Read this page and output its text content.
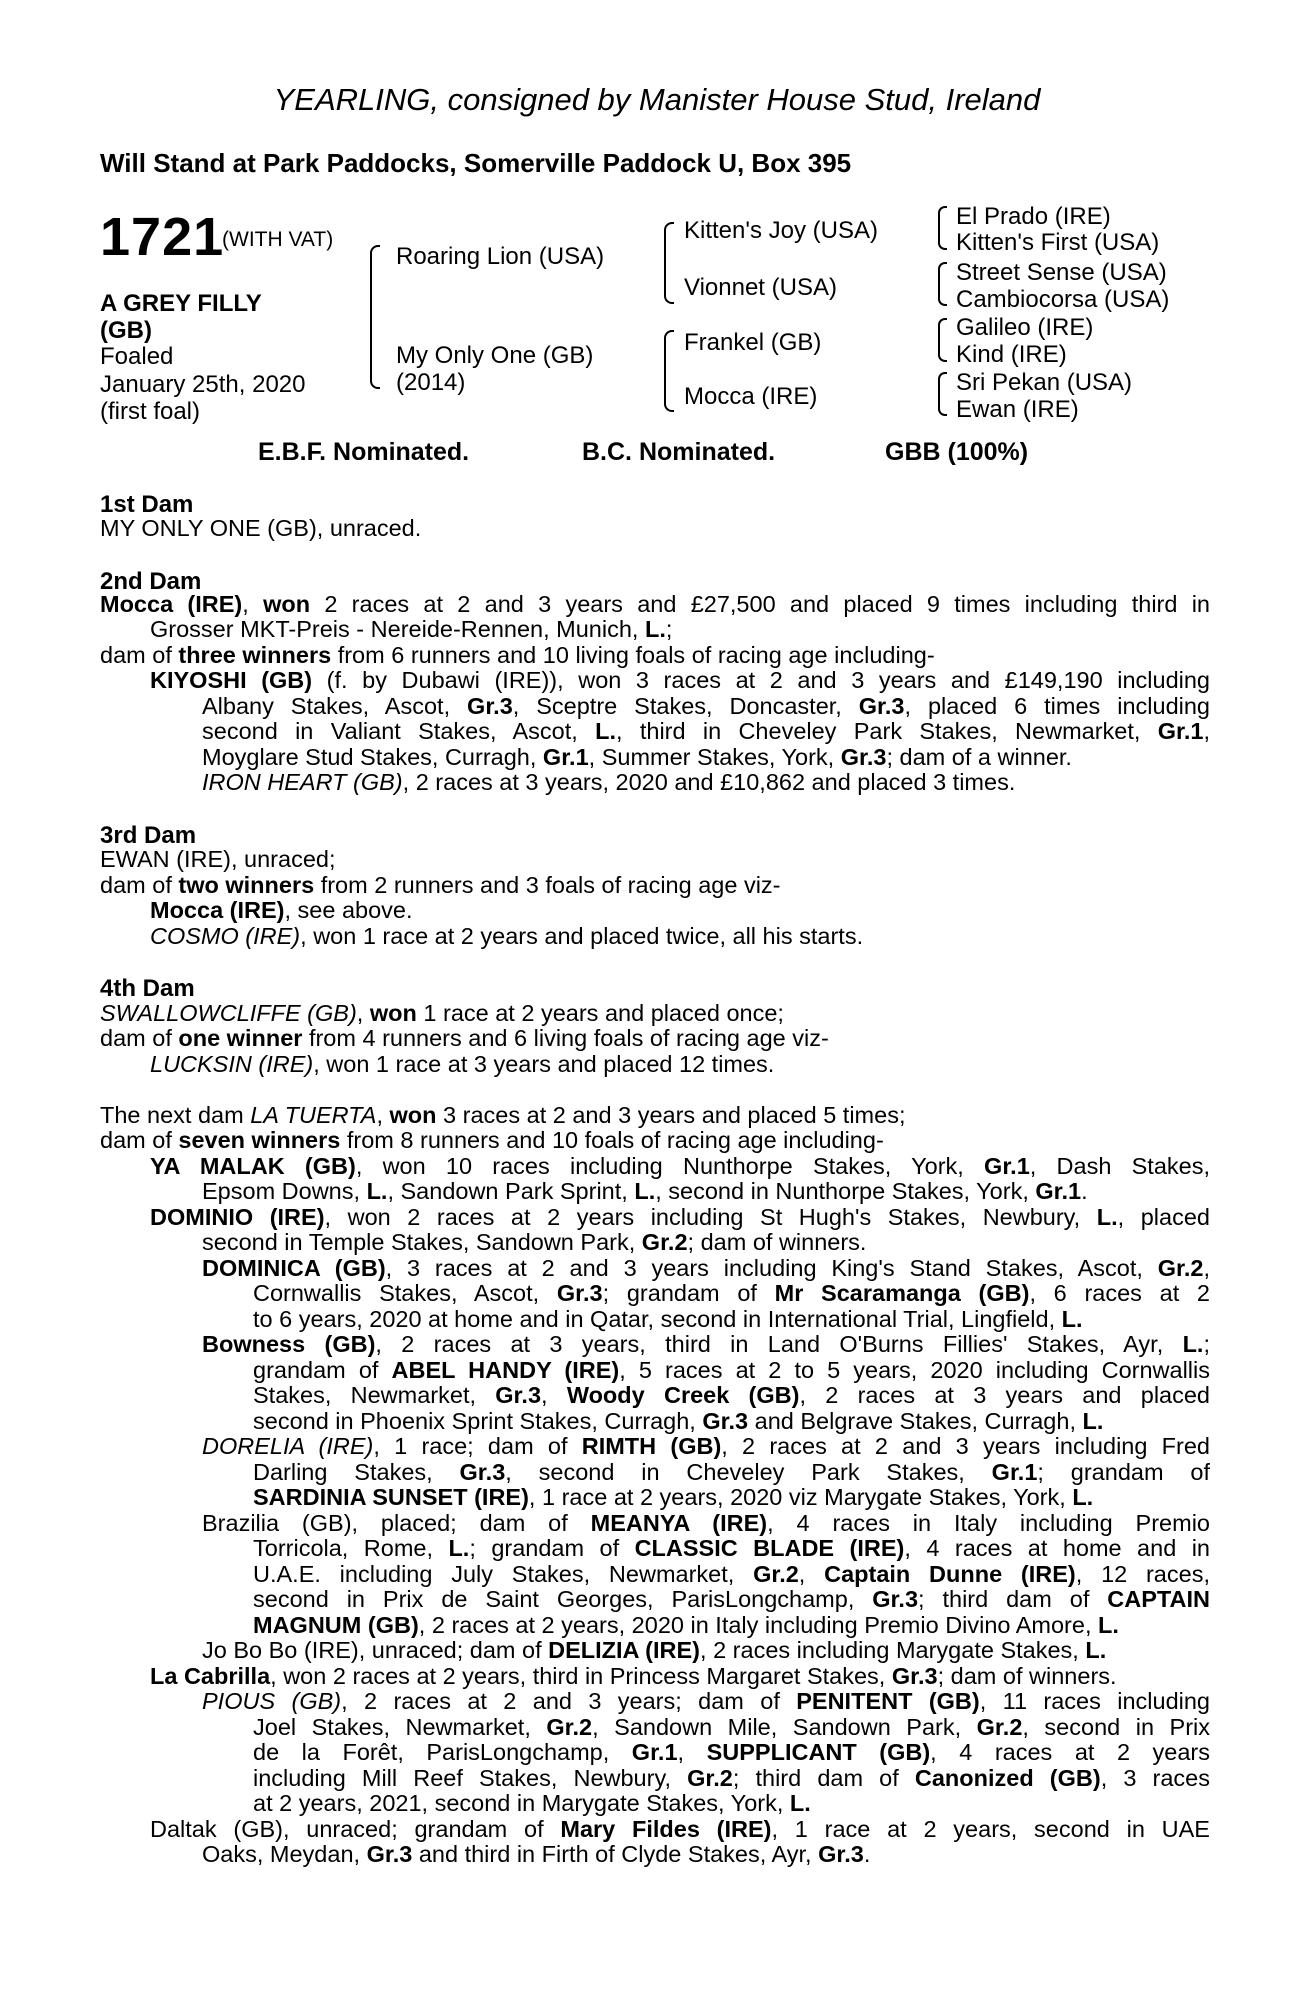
YEARLING, consigned by Manister House Stud, Ireland
Will Stand at Park Paddocks, Somerville Paddock U, Box 395
1721
(WITH VAT)
A GREY FILLY
(GB)
Foaled
January 25th, 2020
(first foal)
Roaring Lion (USA)
My Only One (GB)
(2014)
Kitten's Joy (USA)
Vionnet (USA)
Frankel (GB)
Mocca (IRE)
El Prado (IRE)
Kitten's First (USA)
Street Sense (USA)
Cambiocorsa (USA)
Galileo (IRE)
Kind (IRE)
Sri Pekan (USA)
Ewan (IRE)
E.B.F. Nominated.	B.C. Nominated.	GBB (100%)
1st Dam
MY ONLY ONE (GB), unraced.
2nd Dam
3rd Dam
4th Dam
Mocca (IRE), won 2 races at 2 and 3 years and £27,500 and placed 9 times including third in
Grosser MKT-Preis - Nereide-Rennen, Munich, L.;
dam of three winners from 6 runners and 10 living foals of racing age including-
KIYOSHI (GB) (f. by Dubawi (IRE)), won 3 races at 2 and 3 years and £149,190 including
Albany Stakes, Ascot, Gr.3, Sceptre Stakes, Doncaster, Gr.3, placed 6 times including
second in Valiant Stakes, Ascot, L., third in Cheveley Park Stakes, Newmarket, Gr.1,
Moyglare Stud Stakes, Curragh, Gr.1, Summer Stakes, York, Gr.3; dam of a winner.
IRON HEART (GB), 2 races at 3 years, 2020 and £10,862 and placed 3 times.
EWAN (IRE), unraced;
dam of two winners from 2 runners and 3 foals of racing age viz-
Mocca (IRE), see above.
COSMO (IRE), won 1 race at 2 years and placed twice, all his starts.
SWALLOWCLIFFE (GB), won 1 race at 2 years and placed once;
dam of one winner from 4 runners and 6 living foals of racing age viz-
LUCKSIN (IRE), won 1 race at 3 years and placed 12 times.
The next dam LA TUERTA, won 3 races at 2 and 3 years and placed 5 times;
dam of seven winners from 8 runners and 10 foals of racing age including-
YA MALAK (GB), won 10 races including Nunthorpe Stakes, York, Gr.1, Dash Stakes,
Epsom Downs, L., Sandown Park Sprint, L., second in Nunthorpe Stakes, York, Gr.1.
DOMINIO (IRE), won 2 races at 2 years including St Hugh's Stakes, Newbury, L., placed
second in Temple Stakes, Sandown Park, Gr.2; dam of winners.
DOMINICA (GB), 3 races at 2 and 3 years including King's Stand Stakes, Ascot, Gr.2,
Cornwallis Stakes, Ascot, Gr.3; grandam of Mr Scaramanga (GB), 6 races at 2
to 6 years, 2020 at home and in Qatar, second in International Trial, Lingfield, L.
Bowness (GB), 2 races at 3 years, third in Land O'Burns Fillies' Stakes, Ayr, L.;
grandam of ABEL HANDY (IRE), 5 races at 2 to 5 years, 2020 including Cornwallis
Stakes, Newmarket, Gr.3, Woody Creek (GB), 2 races at 3 years and placed
second in Phoenix Sprint Stakes, Curragh, Gr.3 and Belgrave Stakes, Curragh, L.
DORELIA (IRE), 1 race; dam of RIMTH (GB), 2 races at 2 and 3 years including Fred
Darling Stakes, Gr.3, second in Cheveley Park Stakes, Gr.1; grandam of
SARDINIA SUNSET (IRE), 1 race at 2 years, 2020 viz Marygate Stakes, York, L.
Brazilia (GB), placed; dam of MEANYA (IRE), 4 races in Italy including Premio
Torricola, Rome, L.; grandam of CLASSIC BLADE (IRE), 4 races at home and in
U.A.E. including July Stakes, Newmarket, Gr.2, Captain Dunne (IRE), 12 races,
second in Prix de Saint Georges, ParisLongchamp, Gr.3; third dam of CAPTAIN
MAGNUM (GB), 2 races at 2 years, 2020 in Italy including Premio Divino Amore, L.
Jo Bo Bo (IRE), unraced; dam of DELIZIA (IRE), 2 races including Marygate Stakes, L.
La Cabrilla, won 2 races at 2 years, third in Princess Margaret Stakes, Gr.3; dam of winners.
PIOUS (GB), 2 races at 2 and 3 years; dam of PENITENT (GB), 11 races including
Joel Stakes, Newmarket, Gr.2, Sandown Mile, Sandown Park, Gr.2, second in Prix
de la Forêt, ParisLongchamp, Gr.1, SUPPLICANT (GB), 4 races at 2 years
including Mill Reef Stakes, Newbury, Gr.2; third dam of Canonized (GB), 3 races
at 2 years, 2021, second in Marygate Stakes, York, L.
Daltak (GB), unraced; grandam of Mary Fildes (IRE), 1 race at 2 years, second in UAE
Oaks, Meydan, Gr.3 and third in Firth of Clyde Stakes, Ayr, Gr.3.
